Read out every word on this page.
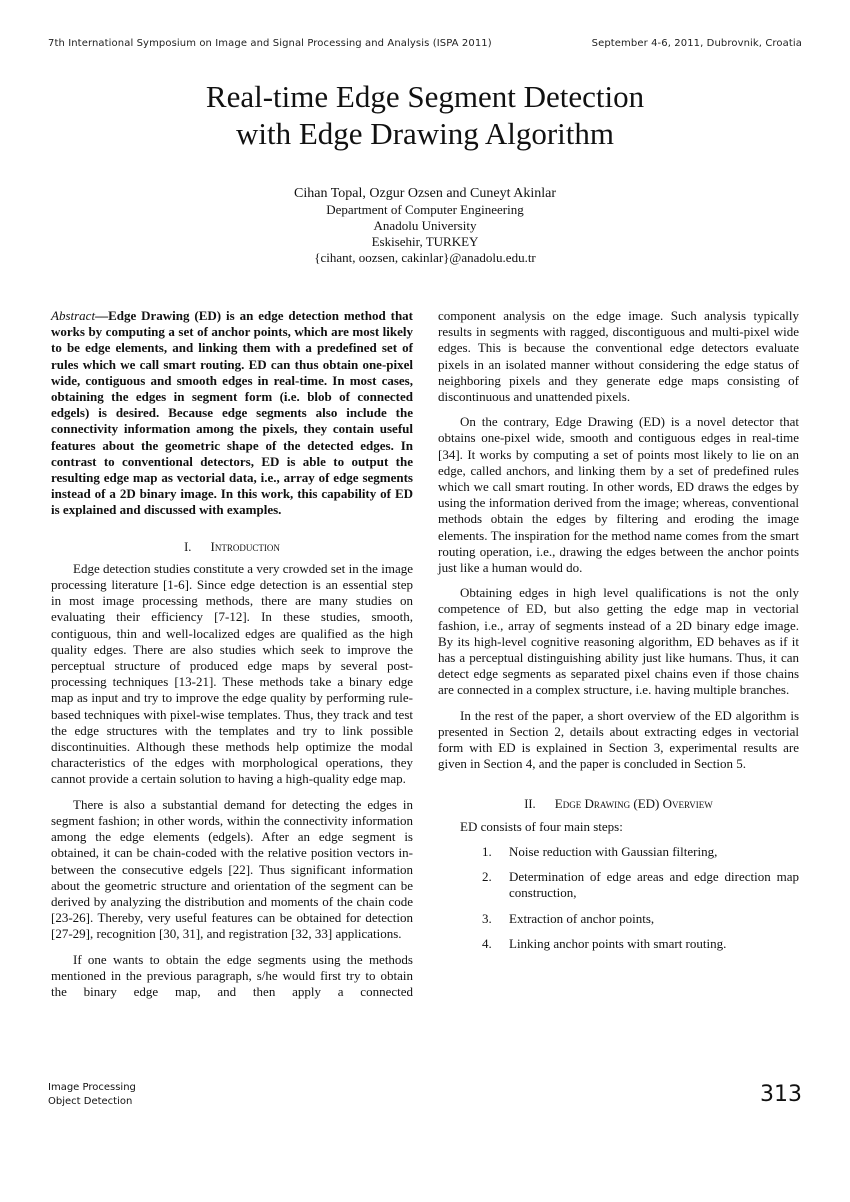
7th International Symposium on Image and Signal Processing and Analysis (ISPA 2011)	September 4-6, 2011, Dubrovnik, Croatia
Real-time Edge Segment Detection
with Edge Drawing Algorithm
Cihan Topal, Ozgur Ozsen and Cuneyt Akinlar
Department of Computer Engineering
Anadolu University
Eskisehir, TURKEY
{cihant, oozsen, cakinlar}@anadolu.edu.tr

Abstract—Edge Drawing (ED) is an edge detection method that works by computing a set of anchor points, which are most likely to be edge elements, and linking them with a predefined set of rules which we call smart routing. ED can thus obtain one-pixel wide, contiguous and smooth edges in real-time. In most cases, obtaining the edges in segment form (i.e. blob of connected edgels) is desired. Because edge segments also include the connectivity information among the pixels, they contain useful features about the geometric shape of the detected edges. In contrast to conventional detectors, ED is able to output the resulting edge map as vectorial data, i.e., array of edge segments instead of a 2D binary image. In this work, this capability of ED is explained and discussed with examples.

I. Introduction

Edge detection studies constitute a very crowded set in the image processing literature [1-6]. Since edge detection is an essential step in most image processing methods, there are many studies on evaluating their efficiency [7-12]. In these studies, smooth, contiguous, thin and well-localized edges are qualified as the high quality edges. There are also studies which seek to improve the perceptual structure of produced edge maps by several post-processing techniques [13-21]. These methods take a binary edge map as input and try to improve the edge quality by performing rule-based techniques with pixel-wise templates. Thus, they track and test the edge structures with the templates and try to link possible discontinuities. Although these methods help optimize the modal characteristics of the edges with morphological operations, they cannot provide a certain solution to having a high-quality edge map.

There is also a substantial demand for detecting the edges in segment fashion; in other words, within the connectivity information among the edge elements (edgels). After an edge segment is obtained, it can be chain-coded with the relative position vectors in-between the consecutive edgels [22]. Thus significant information about the geometric structure and orientation of the segment can be derived by analyzing the distribution and moments of the chain code [23-26]. Thereby, very useful features can be obtained for detection [27-29], recognition [30, 31], and registration [32, 33] applications.

If one wants to obtain the edge segments using the methods mentioned in the previous paragraph, s/he would first try to obtain the binary edge map, and then apply a connected

component analysis on the edge image. Such analysis typically results in segments with ragged, discontiguous and multi-pixel wide edges. This is because the conventional edge detectors evaluate pixels in an isolated manner without considering the edge status of neighboring pixels and they generate edge maps consisting of discontinuous and unattended pixels.

On the contrary, Edge Drawing (ED) is a novel detector that obtains one-pixel wide, smooth and contiguous edges in real-time [34]. It works by computing a set of points most likely to lie on an edge, called anchors, and linking them by a set of predefined rules which we call smart routing. In other words, ED draws the edges by using the information derived from the image; whereas, conventional methods obtain the edges by filtering and eroding the image elements. The inspiration for the method name comes from the smart routing operation, i.e., drawing the edges between the anchor points just like a human would do.

Obtaining edges in high level qualifications is not the only competence of ED, but also getting the edge map in vectorial fashion, i.e., array of segments instead of a 2D binary edge image. By its high-level cognitive reasoning algorithm, ED behaves as if it has a perceptual distinguishing ability just like humans. Thus, it can detect edge segments as separated pixel chains even if those chains are connected in a complex structure, i.e. having multiple branches.

In the rest of the paper, a short overview of the ED algorithm is presented in Section 2, details about extracting edges in vectorial form with ED is explained in Section 3, experimental results are given in Section 4, and the paper is concluded in Section 5.

II. Edge Drawing (ED) Overview

ED consists of four main steps:

1.	Noise reduction with Gaussian filtering,
2.	Determination of edge areas and edge direction map construction,
3.	Extraction of anchor points,
4.	Linking anchor points with smart routing.
Image Processing
Object Detection	313
